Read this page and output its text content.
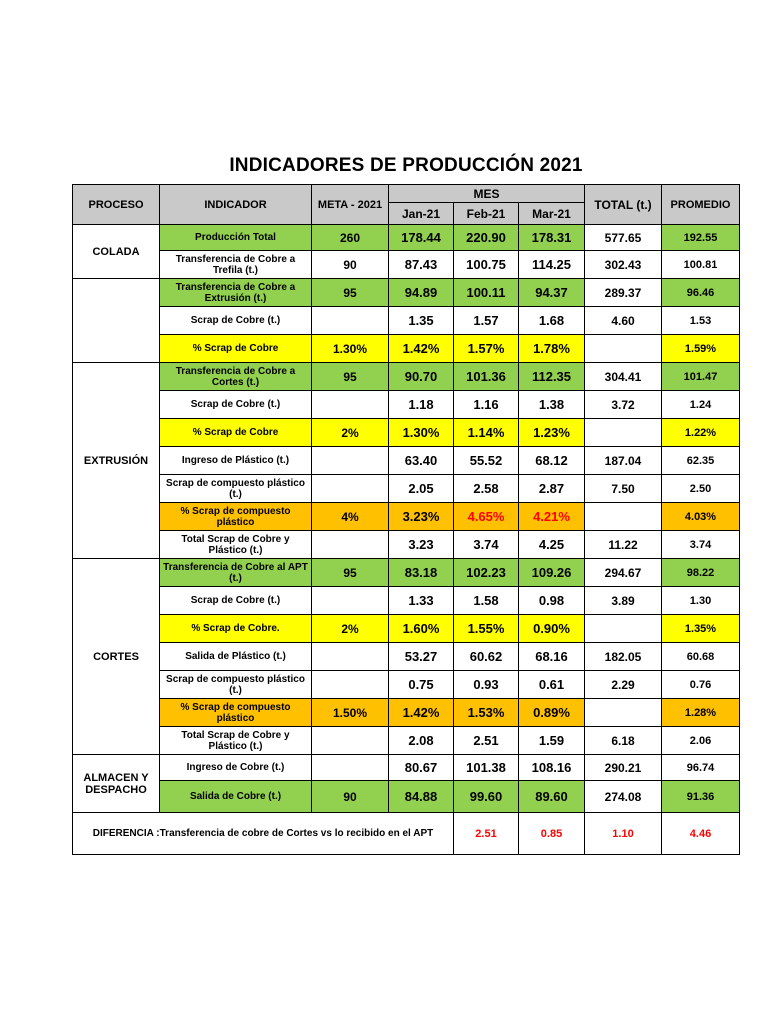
INDICADORES DE PRODUCCIÓN 2021
PROCESO	INDICADOR	META - 2021	MES			TOTAL (t.)	PROMEDIO	
			Jan-21	Feb-21	Mar-21			
COLADA	Producción Total	260	178.44	220.90	178.31	577.65	192.55	
	Transferencia de Cobre a Trefila (t.)	90	87.43	100.75	114.25	302.43	100.81	
	Transferencia de Cobre a Extrusión (t.)	95	94.89	100.11	94.37	289.37	96.46	
	Scrap de Cobre (t.)		1.35	1.57	1.68	4.60	1.53	
	% Scrap de Cobre	1.30%	1.42%	1.57%	1.78%		1.59%	
EXTRUSIÓN	Transferencia de Cobre a Cortes (t.)	95	90.70	101.36	112.35	304.41	101.47	
	Scrap de Cobre (t.)		1.18	1.16	1.38	3.72	1.24	
	% Scrap de Cobre	2%	1.30%	1.14%	1.23%		1.22%	
	Ingreso de Plástico (t.)		63.40	55.52	68.12	187.04	62.35	
	Scrap de compuesto plástico (t.)		2.05	2.58	2.87	7.50	2.50	
	% Scrap de compuesto plástico	4%	3.23%	4.65%	4.21%		4.03%	
	Total Scrap de Cobre y Plástico (t.)		3.23	3.74	4.25	11.22	3.74	
CORTES	Transferencia de Cobre al APT (t.)	95	83.18	102.23	109.26	294.67	98.22	
	Scrap de Cobre (t.)		1.33	1.58	0.98	3.89	1.30	
	% Scrap de Cobre.	2%	1.60%	1.55%	0.90%		1.35%	
	Salida de Plástico (t.)		53.27	60.62	68.16	182.05	60.68	
	Scrap de compuesto plástico (t.)		0.75	0.93	0.61	2.29	0.76	
	% Scrap de compuesto plástico	1.50%	1.42%	1.53%	0.89%		1.28%	
	Total Scrap de Cobre y Plástico (t.)		2.08	2.51	1.59	6.18	2.06	
ALMACEN Y DESPACHO	Ingreso de Cobre (t.)		80.67	101.38	108.16	290.21	96.74	
	Salida de Cobre (t.)	90	84.88	99.60	89.60	274.08	91.36	
DIFERENCIA :Transferencia de cobre de Cortes vs lo recibido en el APT				2.51	0.85	1.10	4.46	
